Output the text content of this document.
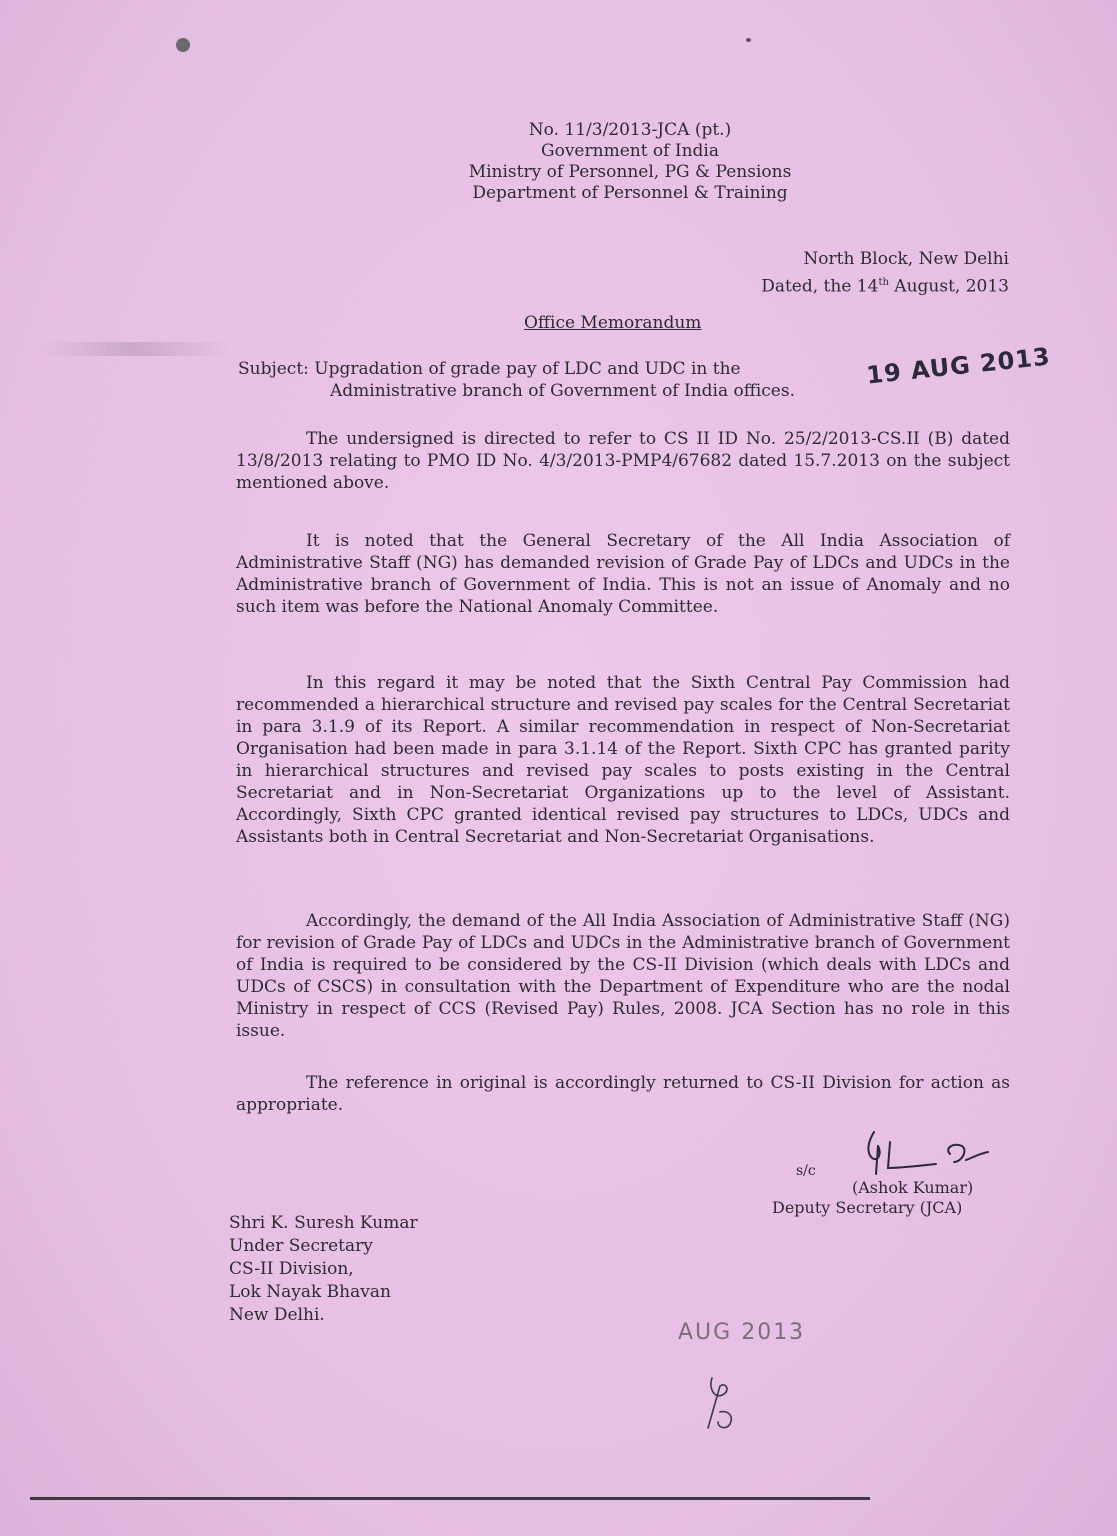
No. 11/3/2013-JCA (pt.)
Government of India
Ministry of Personnel, PG & Pensions
Department of Personnel & Training
North Block, New Delhi
Dated, the 14th August, 2013
Office Memorandum
Subject: Upgradation of grade pay of LDC and UDC in the
Administrative branch of Government of India offices.
19 AUG 2013
The undersigned is directed to refer to CS II ID No. 25/2/2013-CS.II (B) dated 13/8/2013 relating to PMO ID No. 4/3/2013-PMP4/67682 dated 15.7.2013 on the subject mentioned above.
It is noted that the General Secretary of the All India Association of Administrative Staff (NG) has demanded revision of Grade Pay of LDCs and UDCs in the Administrative branch of Government of India. This is not an issue of Anomaly and no such item was before the National Anomaly Committee.
In this regard it may be noted that the Sixth Central Pay Commission had recommended a hierarchical structure and revised pay scales for the Central Secretariat in para 3.1.9 of its Report. A similar recommendation in respect of Non-Secretariat Organisation had been made in para 3.1.14 of the Report. Sixth CPC has granted parity in hierarchical structures and revised pay scales to posts existing in the Central Secretariat and in Non-Secretariat Organizations up to the level of Assistant. Accordingly, Sixth CPC granted identical revised pay structures to LDCs, UDCs and Assistants both in Central Secretariat and Non-Secretariat Organisations.
Accordingly, the demand of the All India Association of Administrative Staff (NG) for revision of Grade Pay of LDCs and UDCs in the Administrative branch of Government of India is required to be considered by the CS-II Division (which deals with LDCs and UDCs of CSCS) in consultation with the Department of Expenditure who are the nodal Ministry in respect of CCS (Revised Pay) Rules, 2008. JCA Section has no role in this issue.
The reference in original is accordingly returned to CS-II Division for action as appropriate.
s/c
(Ashok Kumar)
Deputy Secretary (JCA)
Shri K. Suresh Kumar
Under Secretary
CS-II Division,
Lok Nayak Bhavan
New Delhi.
AUG 2013
